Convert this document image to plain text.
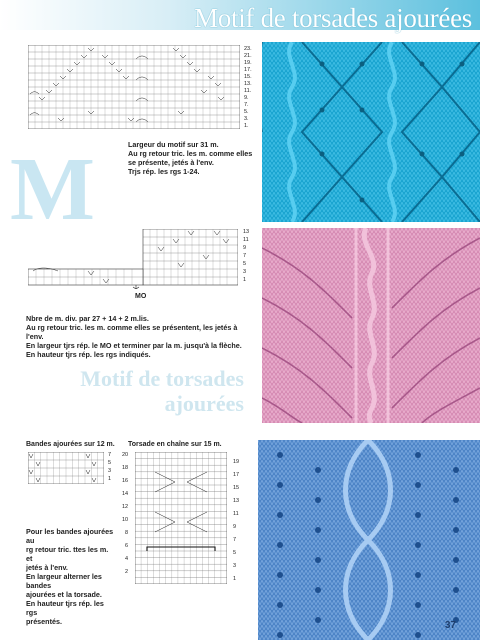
Motif de torsades ajourées
M
Motif de torsades ajourées
23.
21.
19.
17.
15.
13.
11.
9.
7.
5.
3.
1.
Largeur du motif sur 31 m.
Au rg retour tric. les m. comme elles
se présente, jetés à l'env.
Trjs rép. les rgs 1-24.
13
11
9
7
5
3
1
MO
Nbre de m. div. par 27 + 14 + 2 m.lis.
Au rg retour tric. les m. comme elles se présentent, les jetés à l'env.
En largeur tjrs rép. le MO et terminer par la m. jusqu'à la flèche.
En hauteur tjrs rép. les rgs indiqués.
Bandes ajourées sur 12 m.
7
5
3
1
Pour les bandes ajourées au
rg retour tric. ttes les m. et
jetés à l'env.
En largeur alterner les bandes
ajourées et la torsade.
En hauteur tjrs rép. les rgs
présentés.
Torsade en chaîne sur 15 m.
20
18
16
14
12
10
8
6
4
2
19
17
15
13
11
9
7
5
3
1
37
